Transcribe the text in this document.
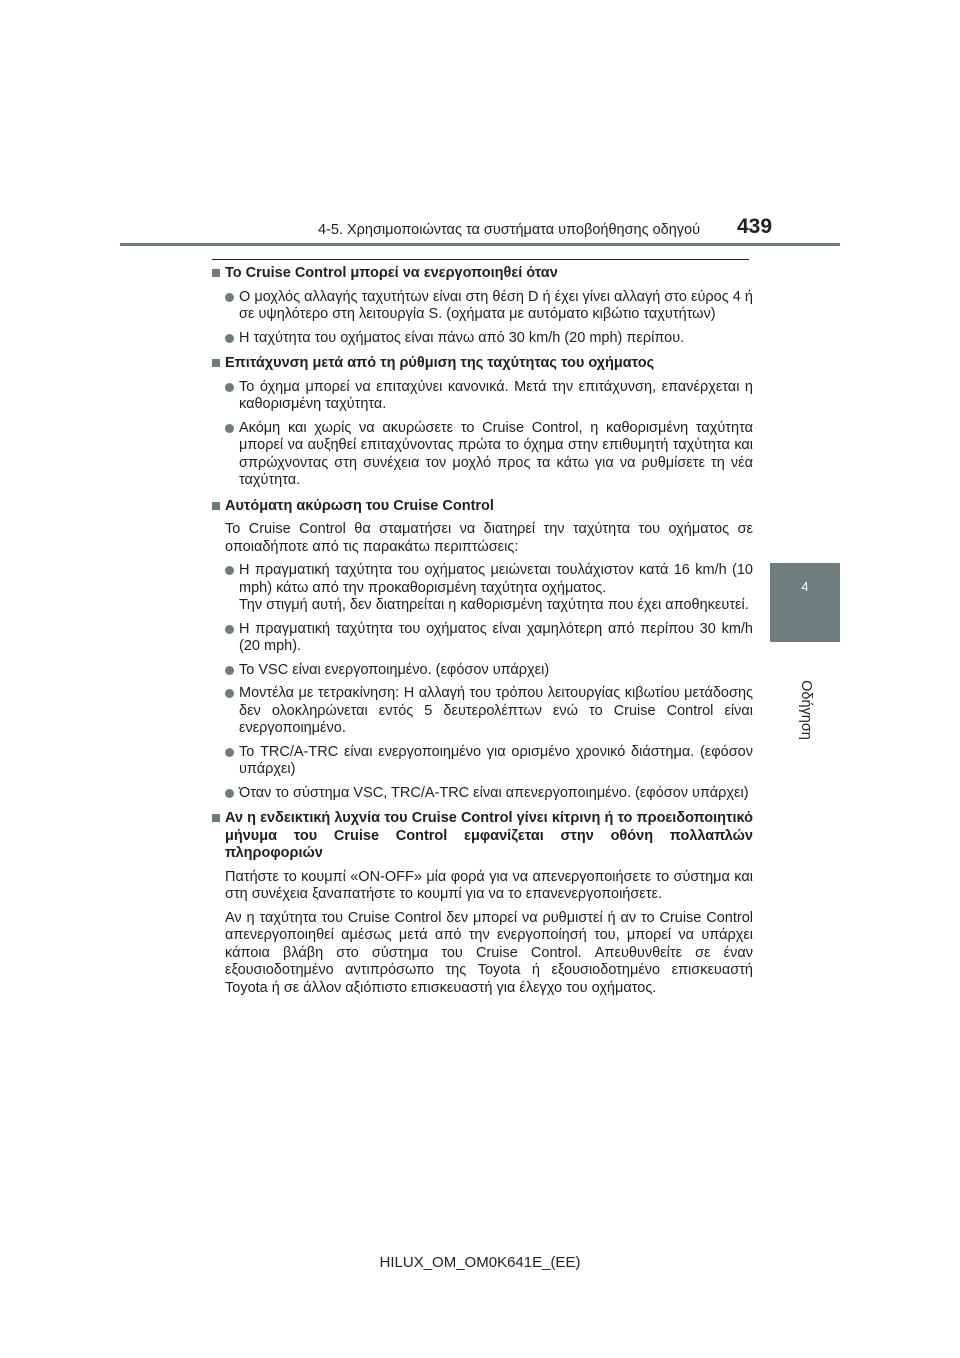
4-5. Χρησιμοποιώντας τα συστήματα υποβοήθησης οδηγού 439
4
Οδήγηση
Το Cruise Control μπορεί να ενεργοποιηθεί όταν
Ο μοχλός αλλαγής ταχυτήτων είναι στη θέση D ή έχει γίνει αλλαγή στο εύρος 4 ή σε υψηλότερο στη λειτουργία S. (οχήματα με αυτόματο κιβώτιο ταχυτήτων)
Η ταχύτητα του οχήματος είναι πάνω από 30 km/h (20 mph) περίπου.
Επιτάχυνση μετά από τη ρύθμιση της ταχύτητας του οχήματος
Το όχημα μπορεί να επιταχύνει κανονικά. Μετά την επιτάχυνση, επανέρχεται η καθορισμένη ταχύτητα.
Ακόμη και χωρίς να ακυρώσετε το Cruise Control, η καθορισμένη ταχύτητα μπορεί να αυξηθεί επιταχύνοντας πρώτα το όχημα στην επιθυμητή ταχύτητα και σπρώχνοντας στη συνέχεια τον μοχλό προς τα κάτω για να ρυθμίσετε τη νέα ταχύτητα.
Αυτόματη ακύρωση του Cruise Control
Το Cruise Control θα σταματήσει να διατηρεί την ταχύτητα του οχήματος σε οποιαδήποτε από τις παρακάτω περιπτώσεις:
Η πραγματική ταχύτητα του οχήματος μειώνεται τουλάχιστον κατά 16 km/h (10 mph) κάτω από την προκαθορισμένη ταχύτητα οχήματος.
Την στιγμή αυτή, δεν διατηρείται η καθορισμένη ταχύτητα που έχει αποθηκευτεί.
Η πραγματική ταχύτητα του οχήματος είναι χαμηλότερη από περίπου 30 km/h (20 mph).
Το VSC είναι ενεργοποιημένο. (εφόσον υπάρχει)
Μοντέλα με τετρακίνηση: Η αλλαγή του τρόπου λειτουργίας κιβωτίου μετάδοσης δεν ολοκληρώνεται εντός 5 δευτερολέπτων ενώ το Cruise Control είναι ενεργοποιημένο.
Το TRC/A-TRC είναι ενεργοποιημένο για ορισμένο χρονικό διάστημα. (εφόσον υπάρχει)
Όταν το σύστημα VSC, TRC/A-TRC είναι απενεργοποιημένο. (εφόσον υπάρχει)
Αν η ενδεικτική λυχνία του Cruise Control γίνει κίτρινη ή το προειδοποιητικό μήνυμα του Cruise Control εμφανίζεται στην οθόνη πολλαπλών πληροφοριών
Πατήστε το κουμπί «ON-OFF» μία φορά για να απενεργοποιήσετε το σύστημα και στη συνέχεια ξαναπατήστε το κουμπί για να το επανενεργοποιήσετε.
Αν η ταχύτητα του Cruise Control δεν μπορεί να ρυθμιστεί ή αν το Cruise Control απενεργοποιηθεί αμέσως μετά από την ενεργοποίησή του, μπορεί να υπάρχει κάποια βλάβη στο σύστημα του Cruise Control. Απευθυνθείτε σε έναν εξουσιοδοτημένο αντιπρόσωπο της Toyota ή εξουσιοδοτημένο επισκευαστή Toyota ή σε άλλον αξιόπιστο επισκευαστή για έλεγχο του οχήματος.
HILUX_OM_OM0K641E_(EE)
